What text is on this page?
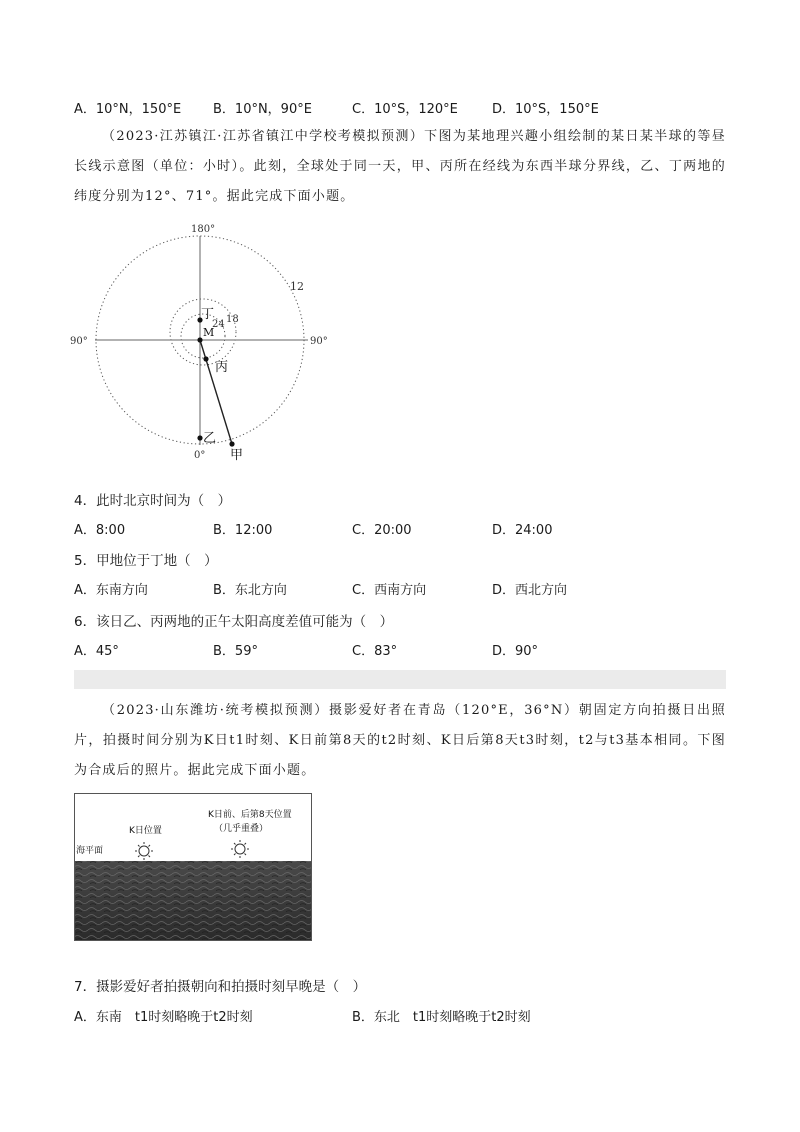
A．10°N，150°E B．10°N，90°E	C．10°S，120°E	D．10°S，150°E

（2023·江苏镇江·江苏省镇江中学校考模拟预测）下图为某地理兴趣小组绘制的某日某半球的等昼长线示意图（单位：小时）。此刻，全球处于同一天，甲、丙所在经线为东西半球分界线，乙、丁两地的纬度分别为12°、71°。据此完成下面小题。

180°
90°	90°
0°
12
18
24
丁
M
丙
乙
甲
4．此时北京时间为（　）
A．8:00	B．12:00	C．20:00	D．24:00
5．甲地位于丁地（　）
A．东南方向	B．东北方向	C．西南方向	D．西北方向
6．该日乙、丙两地的正午太阳高度差值可能为（　）
A．45°	B．59°	C．83°	D．90°

（2023·山东潍坊·统考模拟预测）摄影爱好者在青岛（120°E，36°N）朝固定方向拍摄日出照片，拍摄时间分别为K日t1时刻、K日前第8天的t2时刻、K日后第8天t3时刻，t2与t3基本相同。下图为合成后的照片。据此完成下面小题。

海平面
K日位置
K日前、后第8天位置
（几乎重叠）
7．摄影爱好者拍摄朝向和拍摄时刻早晚是（　）
A．东南　t1时刻略晚于t2时刻	B．东北　t1时刻略晚于t2时刻
